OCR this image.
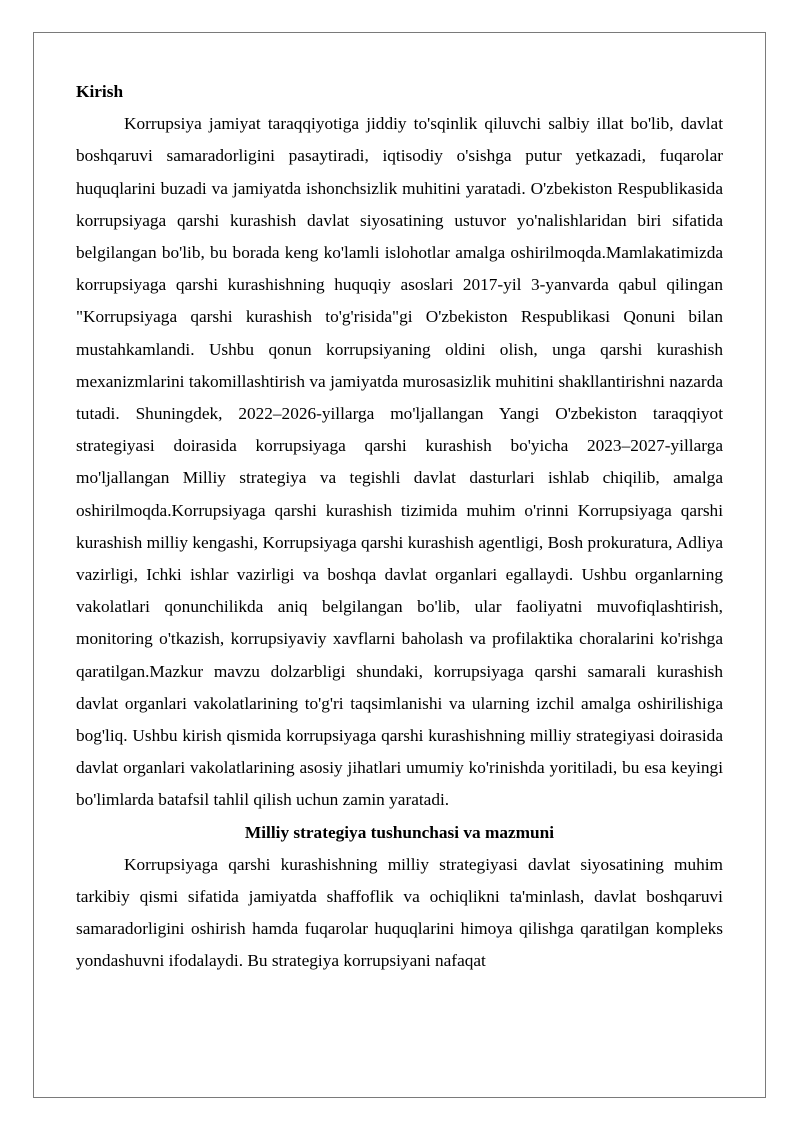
Kirish

Korrupsiya jamiyat taraqqiyotiga jiddiy to'sqinlik qiluvchi salbiy illat bo'lib, davlat boshqaruvi samaradorligini pasaytiradi, iqtisodiy o'sishga putur yetkazadi, fuqarolar huquqlarini buzadi va jamiyatda ishonchsizlik muhitini yaratadi. O'zbekiston Respublikasida korrupsiyaga qarshi kurashish davlat siyosatining ustuvor yo'nalishlaridan biri sifatida belgilangan bo'lib, bu borada keng ko'lamli islohotlar amalga oshirilmoqda.Mamlakatimizda korrupsiyaga qarshi kurashishning huquqiy asoslari 2017-yil 3-yanvarda qabul qilingan "Korrupsiyaga qarshi kurashish to'g'risida"gi O'zbekiston Respublikasi Qonuni bilan mustahkamlandi. Ushbu qonun korrupsiyaning oldini olish, unga qarshi kurashish mexanizmlarini takomillashtirish va jamiyatda murosasizlik muhitini shakllantirishni nazarda tutadi. Shuningdek, 2022–2026-yillarga mo'ljallangan Yangi O'zbekiston taraqqiyot strategiyasi doirasida korrupsiyaga qarshi kurashish bo'yicha 2023–2027-yillarga mo'ljallangan Milliy strategiya va tegishli davlat dasturlari ishlab chiqilib, amalga oshirilmoqda.Korrupsiyaga qarshi kurashish tizimida muhim o'rinni Korrupsiyaga qarshi kurashish milliy kengashi, Korrupsiyaga qarshi kurashish agentligi, Bosh prokuratura, Adliya vazirligi, Ichki ishlar vazirligi va boshqa davlat organlari egallaydi. Ushbu organlarning vakolatlari qonunchilikda aniq belgilangan bo'lib, ular faoliyatni muvofiqlashtirish, monitoring o'tkazish, korrupsiyaviy xavflarni baholash va profilaktika choralarini ko'rishga qaratilgan.Mazkur mavzu dolzarbligi shundaki, korrupsiyaga qarshi samarali kurashish davlat organlari vakolatlarining to'g'ri taqsimlanishi va ularning izchil amalga oshirilishiga bog'liq. Ushbu kirish qismida korrupsiyaga qarshi kurashishning milliy strategiyasi doirasida davlat organlari vakolatlarining asosiy jihatlari umumiy ko'rinishda yoritiladi, bu esa keyingi bo'limlarda batafsil tahlil qilish uchun zamin yaratadi.

Milliy strategiya tushunchasi va mazmuni

Korrupsiyaga qarshi kurashishning milliy strategiyasi davlat siyosatining muhim tarkibiy qismi sifatida jamiyatda shaffoflik va ochiqlikni ta'minlash, davlat boshqaruvi samaradorligini oshirish hamda fuqarolar huquqlarini himoya qilishga qaratilgan kompleks yondashuvni ifodalaydi. Bu strategiya korrupsiyani nafaqat
